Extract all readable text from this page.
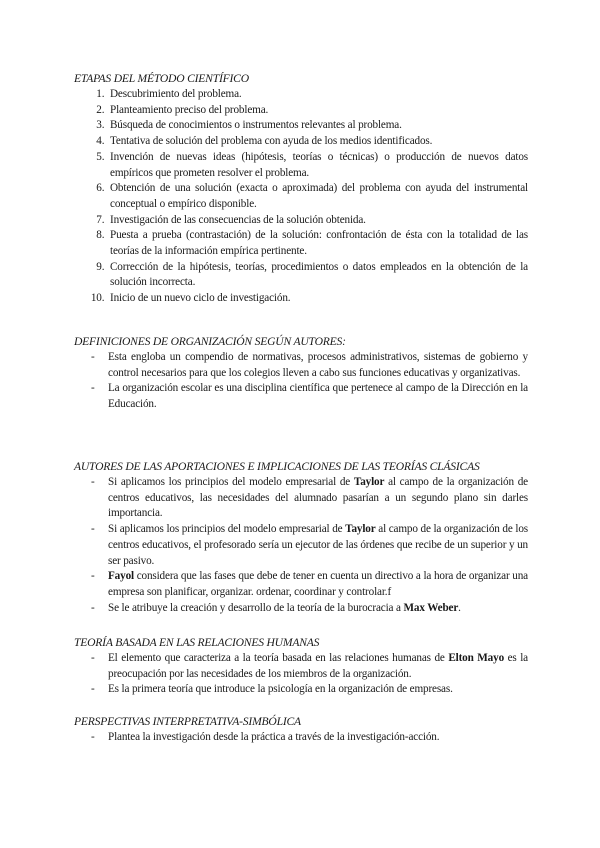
ETAPAS DEL MÉTODO CIENTÍFICO
1. Descubrimiento del problema.
2. Planteamiento preciso del problema.
3. Búsqueda de conocimientos o instrumentos relevantes al problema.
4. Tentativa de solución del problema con ayuda de los medios identificados.
5. Invención de nuevas ideas (hipótesis, teorías o técnicas) o producción de nuevos datos empíricos que prometen resolver el problema.
6. Obtención de una solución (exacta o aproximada) del problema con ayuda del instrumental conceptual o empírico disponible.
7. Investigación de las consecuencias de la solución obtenida.
8. Puesta a prueba (contrastación) de la solución: confrontación de ésta con la totalidad de las teorías de la información empírica pertinente.
9. Corrección de la hipótesis, teorías, procedimientos o datos empleados en la obtención de la solución incorrecta.
10. Inicio de un nuevo ciclo de investigación.
DEFINICIONES DE ORGANIZACIÓN SEGÚN AUTORES:
- Esta engloba un compendio de normativas, procesos administrativos, sistemas de gobierno y control necesarios para que los colegios lleven a cabo sus funciones educativas y organizativas.
- La organización escolar es una disciplina científica que pertenece al campo de la Dirección en la Educación.
AUTORES DE LAS APORTACIONES E IMPLICACIONES DE LAS TEORÍAS CLÁSICAS
- Si aplicamos los principios del modelo empresarial de Taylor al campo de la organización de centros educativos, las necesidades del alumnado pasarían a un segundo plano sin darles importancia.
- Si aplicamos los principios del modelo empresarial de Taylor al campo de la organización de los centros educativos, el profesorado sería un ejecutor de las órdenes que recibe de un superior y un ser pasivo.
- Fayol considera que las fases que debe de tener en cuenta un directivo a la hora de organizar una empresa son planificar, organizar. ordenar, coordinar y controlar.f
- Se le atribuye la creación y desarrollo de la teoría de la burocracia a Max Weber.
TEORÍA BASADA EN LAS RELACIONES HUMANAS
- El elemento que caracteriza a la teoría basada en las relaciones humanas de Elton Mayo es la preocupación por las necesidades de los miembros de la organización.
- Es la primera teoría que introduce la psicología en la organización de empresas.
PERSPECTIVAS INTERPRETATIVA-SIMBÓLICA
- Plantea la investigación desde la práctica a través de la investigación-acción.
